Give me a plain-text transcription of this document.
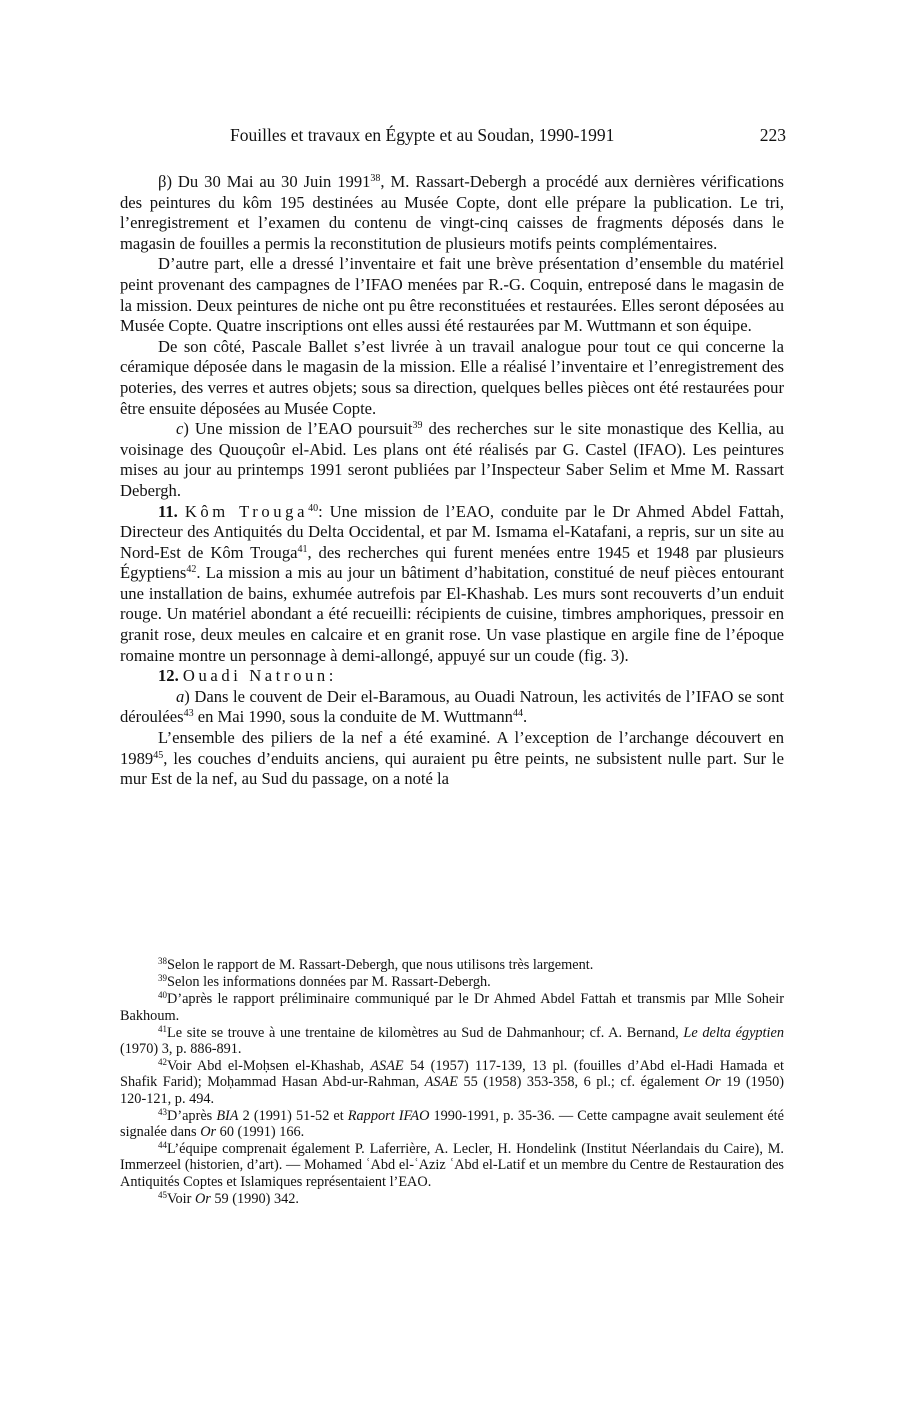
Fouilles et travaux en Égypte et au Soudan, 1990-1991	223

β) Du 30 Mai au 30 Juin 1991$^{38}$, M. Rassart-Debergh a procédé aux dernières vérifications des peintures du kôm 195 destinées au Musée Copte, dont elle prépare la publication. Le tri, l’enregistrement et l’examen du contenu de vingt-cinq caisses de fragments déposés dans le magasin de fouilles a permis la reconstitution de plusieurs motifs peints complémentaires.

D’autre part, elle a dressé l’inventaire et fait une brève présentation d’ensemble du matériel peint provenant des campagnes de l’IFAO menées par R.-G. Coquin, entreposé dans le magasin de la mission. Deux peintures de niche ont pu être reconstituées et restaurées. Elles seront déposées au Musée Copte. Quatre inscriptions ont elles aussi été restaurées par M. Wuttmann et son équipe.

De son côté, Pascale Ballet s’est livrée à un travail analogue pour tout ce qui concerne la céramique déposée dans le magasin de la mission. Elle a réalisé l’inventaire et l’enregistrement des poteries, des verres et autres objets; sous sa direction, quelques belles pièces ont été restaurées pour être ensuite déposées au Musée Copte.

c) Une mission de l’EAO poursuit$^{39}$ des recherches sur le site monastique des Kellia, au voisinage des Quouçoûr el-Abid. Les plans ont été réalisés par G. Castel (IFAO). Les peintures mises au jour au printemps 1991 seront publiées par l’Inspecteur Saber Selim et Mme M. Rassart Debergh.

11. Kôm Trouga$^{40}$: Une mission de l’EAO, conduite par le Dr Ahmed Abdel Fattah, Directeur des Antiquités du Delta Occidental, et par M. Ismama el-Katafani, a repris, sur un site au Nord-Est de Kôm Trouga$^{41}$, des recherches qui furent menées entre 1945 et 1948 par plusieurs Égyptiens$^{42}$. La mission a mis au jour un bâtiment d’habitation, constitué de neuf pièces entourant une installation de bains, exhumée autrefois par El-Khashab. Les murs sont recouverts d’un enduit rouge. Un matériel abondant a été recueilli: récipients de cuisine, timbres amphoriques, pressoir en granit rose, deux meules en calcaire et en granit rose. Un vase plastique en argile fine de l’époque romaine montre un personnage à demi-allongé, appuyé sur un coude (fig. 3).

12. Ouadi Natroun:

a) Dans le couvent de Deir el-Baramous, au Ouadi Natroun, les activités de l’IFAO se sont déroulées$^{43}$ en Mai 1990, sous la conduite de M. Wuttmann$^{44}$.

L’ensemble des piliers de la nef a été examiné. A l’exception de l’archange découvert en 1989$^{45}$, les couches d’enduits anciens, qui auraient pu être peints, ne subsistent nulle part. Sur le mur Est de la nef, au Sud du passage, on a noté la

$^{38}$Selon le rapport de M. Rassart-Debergh, que nous utilisons très largement.

$^{39}$Selon les informations données par M. Rassart-Debergh.

$^{40}$D’après le rapport préliminaire communiqué par le Dr Ahmed Abdel Fattah et transmis par Mlle Soheir Bakhoum.

$^{41}$Le site se trouve à une trentaine de kilomètres au Sud de Dahmanhour; cf. A. Bernand, Le delta égyptien (1970) 3, p. 886-891.

$^{42}$Voir Abd el-Moḥsen el-Khashab, ASAE 54 (1957) 117-139, 13 pl. (fouilles d’Abd el-Hadi Hamada et Shafik Farid); Moḥammad Hasan Abd-ur-Rahman, ASAE 55 (1958) 353-358, 6 pl.; cf. également Or 19 (1950) 120-121, p. 494.

$^{43}$D’après BIA 2 (1991) 51-52 et Rapport IFAO 1990-1991, p. 35-36. — Cette campagne avait seulement été signalée dans Or 60 (1991) 166.

$^{44}$L’équipe comprenait également P. Laferrière, A. Lecler, H. Hondelink (Institut Néerlandais du Caire), M. Immerzeel (historien, d’art). — Mohamed ʿAbd el-ʿAziz ʿAbd el-Latif et un membre du Centre de Restauration des Antiquités Coptes et Islamiques représentaient l’EAO.

$^{45}$Voir Or 59 (1990) 342.
